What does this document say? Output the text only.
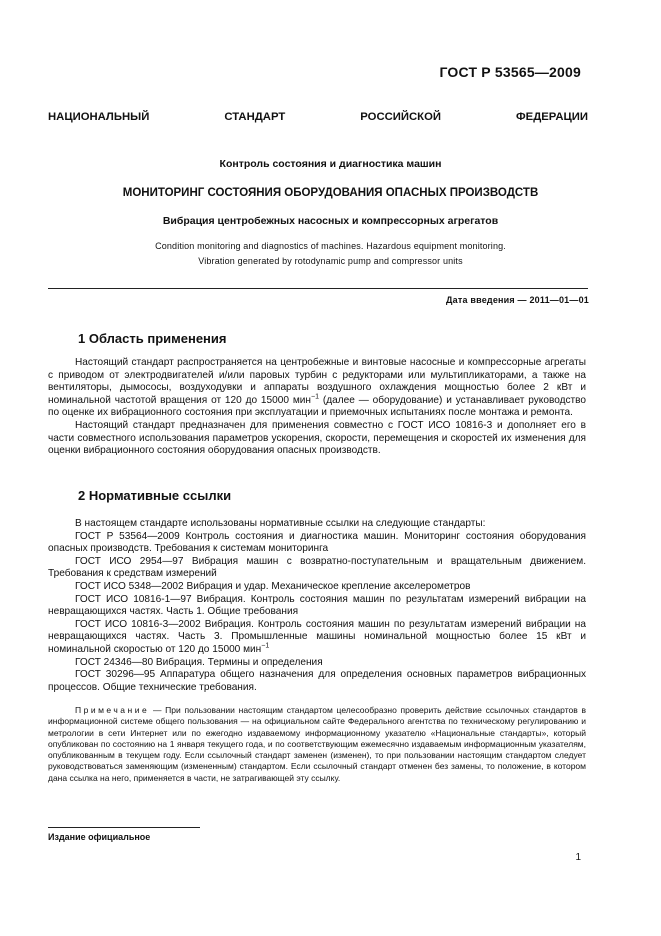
ГОСТ Р 53565—2009
НАЦИОНАЛЬНЫЙ СТАНДАРТ РОССИЙСКОЙ ФЕДЕРАЦИИ
Контроль состояния и диагностика машин
МОНИТОРИНГ СОСТОЯНИЯ ОБОРУДОВАНИЯ ОПАСНЫХ ПРОИЗВОДСТВ
Вибрация центробежных насосных и компрессорных агрегатов
Condition monitoring and diagnostics of machines. Hazardous equipment monitoring.
Vibration generated by rotodynamic pump and compressor units
Дата введения — 2011—01—01
1 Область применения

Настоящий стандарт распространяется на центробежные и винтовые насосные и компрессорные агрегаты с приводом от электродвигателей и/или паровых турбин с редукторами или мультипликаторами, а также на вентиляторы, дымососы, воздуходувки и аппараты воздушного охлаждения мощностью более 2 кВт и номинальной частотой вращения от 120 до 15000 мин$^{-1}$ (далее — оборудование) и устанавливает руководство по оценке их вибрационного состояния при эксплуатации и приемочных испытаниях после монтажа и ремонта.

Настоящий стандарт предназначен для применения совместно с ГОСТ ИСО 10816-3 и дополняет его в части совместного использования параметров ускорения, скорости, перемещения и скоростей их изменения для оценки вибрационного состояния оборудования опасных производств.

2 Нормативные ссылки

В настоящем стандарте использованы нормативные ссылки на следующие стандарты:

ГОСТ Р 53564—2009 Контроль состояния и диагностика машин. Мониторинг состояния оборудования опасных производств. Требования к системам мониторинга

ГОСТ ИСО 2954—97 Вибрация машин с возвратно-поступательным и вращательным движением. Требования к средствам измерений

ГОСТ ИСО 5348—2002 Вибрация и удар. Механическое крепление акселерометров

ГОСТ ИСО 10816-1—97 Вибрация. Контроль состояния машин по результатам измерений вибрации на невращающихся частях. Часть 1. Общие требования

ГОСТ ИСО 10816-3—2002 Вибрация. Контроль состояния машин по результатам измерений вибрации на невращающихся частях. Часть 3. Промышленные машины номинальной мощностью более 15 кВт и номинальной скоростью от 120 до 15000 мин$^{-1}$

ГОСТ 24346—80 Вибрация. Термины и определения

ГОСТ 30296—95 Аппаратура общего назначения для определения основных параметров вибрационных процессов. Общие технические требования.

Примечание — При пользовании настоящим стандартом целесообразно проверить действие ссылочных стандартов в информационной системе общего пользования — на официальном сайте Федерального агентства по техническому регулированию и метрологии в сети Интернет или по ежегодно издаваемому информационному указателю «Национальные стандарты», который опубликован по состоянию на 1 января текущего года, и по соответствующим ежемесячно издаваемым информационным указателям, опубликованным в текущем году. Если ссылочный стандарт заменен (изменен), то при пользовании настоящим стандартом следует руководствоваться заменяющим (измененным) стандартом. Если ссылочный стандарт отменен без замены, то положение, в котором дана ссылка на него, применяется в части, не затрагивающей эту ссылку.

Издание официальное
1
